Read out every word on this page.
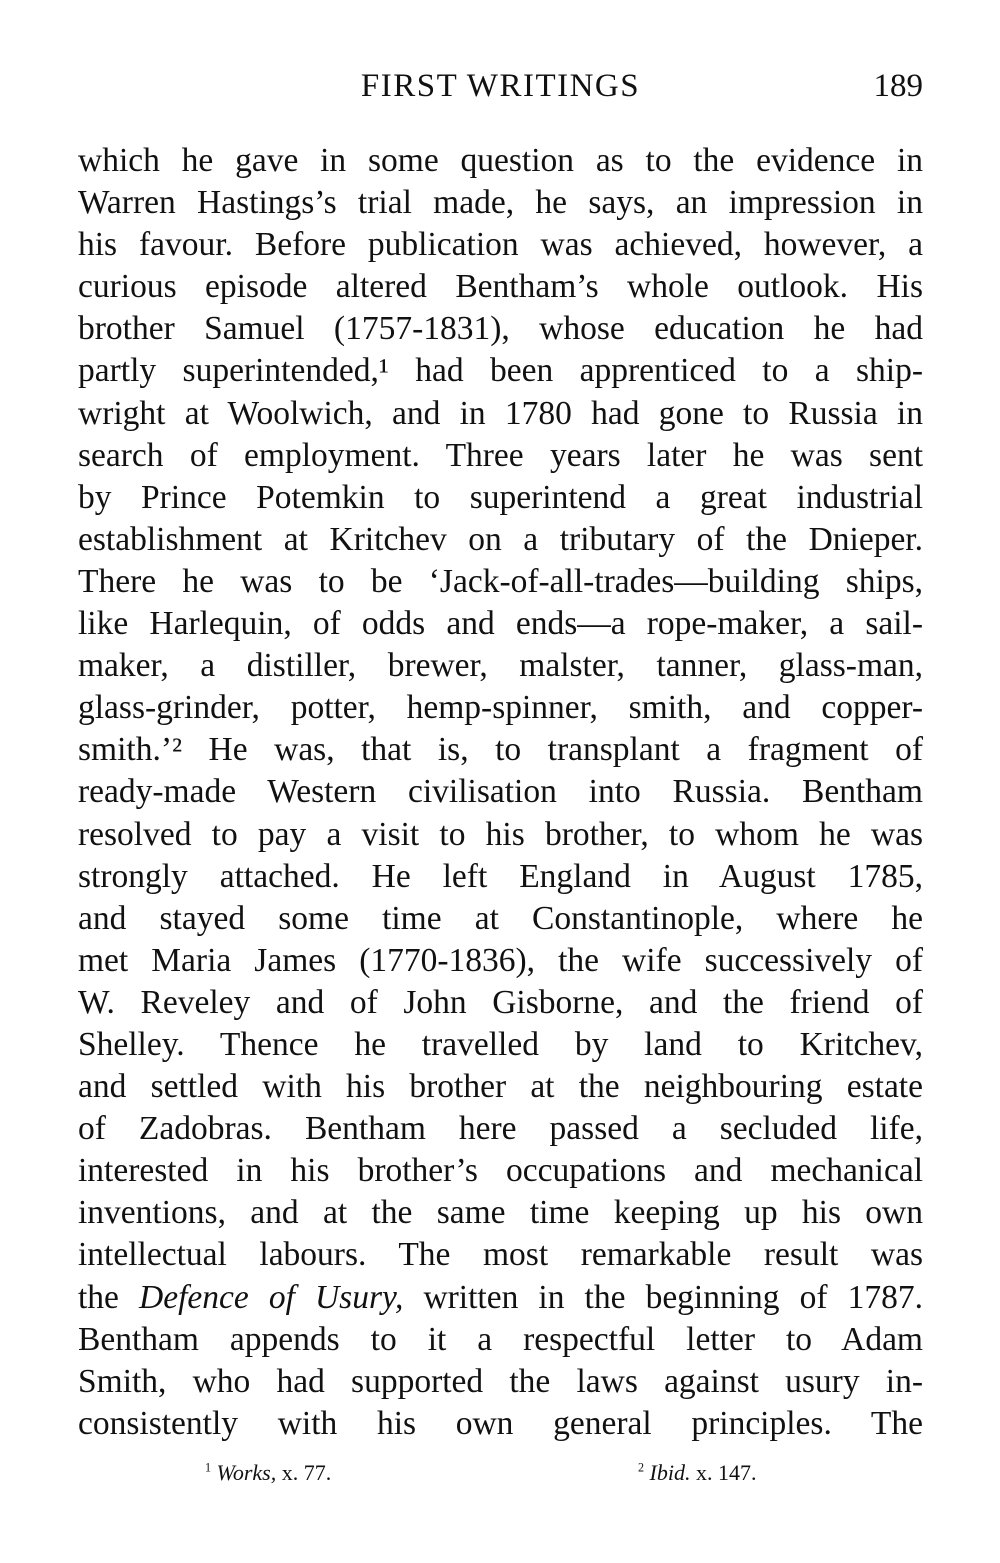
FIRST WRITINGS	189
which he gave in some question as to the evidence in
Warren Hastings’s trial made, he says, an impression in
his favour. Before publication was achieved, however, a
curious episode altered Bentham’s whole outlook. His
brother Samuel (1757-1831), whose education he had
partly superintended,¹ had been apprenticed to a ship-
wright at Woolwich, and in 1780 had gone to Russia in
search of employment. Three years later he was sent
by Prince Potemkin to superintend a great industrial
establishment at Kritchev on a tributary of the Dnieper.
There he was to be ‘Jack-of-all-trades—building ships,
like Harlequin, of odds and ends—a rope-maker, a sail-
maker, a distiller, brewer, malster, tanner, glass-man,
glass-grinder, potter, hemp-spinner, smith, and copper-
smith.’² He was, that is, to transplant a fragment of
ready-made Western civilisation into Russia. Bentham
resolved to pay a visit to his brother, to whom he was
strongly attached. He left England in August 1785,
and stayed some time at Constantinople, where he
met Maria James (1770-1836), the wife successively of
W. Reveley and of John Gisborne, and the friend of
Shelley. Thence he travelled by land to Kritchev,
and settled with his brother at the neighbouring estate
of Zadobras. Bentham here passed a secluded life,
interested in his brother’s occupations and mechanical
inventions, and at the same time keeping up his own
intellectual labours. The most remarkable result was
the Defence of Usury, written in the beginning of 1787.
Bentham appends to it a respectful letter to Adam
Smith, who had supported the laws against usury in-
consistently with his own general principles. The
$^1$ Works, x. 77.	$^2$ Ibid. x. 147.
